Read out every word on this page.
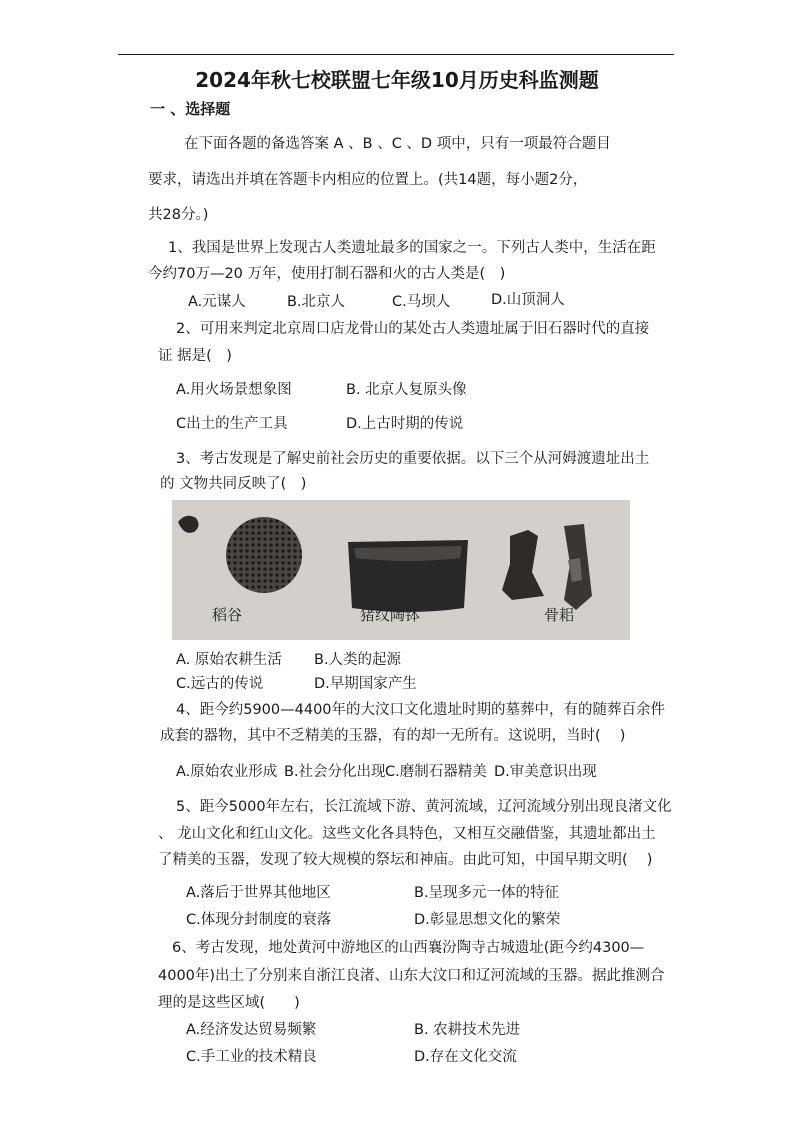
2024年秋七校联盟七年级10月历史科监测题
一 、选择题
在下面各题的备选答案 A 、B 、C 、D 项中，只有一项最符合题目
要求，请选出并填在答题卡内相应的位置上。(共14题，每小题2分，
共28分。)
1、我国是世界上发现古人类遗址最多的国家之一。下列古人类中，生活在距
今约70万—20 万年，使用打制石器和火的古人类是(　)
A.元谋人	B.北京人	C.马坝人	D.山顶洞人
2、可用来判定北京周口店龙骨山的某处古人类遗址属于旧石器时代的直接
证 据是(　)
A.用火场景想象图	B. 北京人复原头像
C出土的生产工具	D.上古时期的传说
3、考古发现是了解史前社会历史的重要依据。以下三个从河姆渡遗址出土
的 文物共同反映了(　)
稻谷	猪纹陶钵	骨耜
A. 原始农耕生活 B.人类的起源
C.远古的传说	D.早期国家产生
4、距今约5900—4400年的大汶口文化遗址时期的墓葬中，有的随葬百余件
成套的器物，其中不乏精美的玉器，有的却一无所有。这说明，当时(　 )
A.原始农业形成 B.社会分化出现 C.磨制石器精美 D.审美意识出现
5、距今5000年左右，长江流域下游、黄河流域，辽河流域分别出现良渚文化
、 龙山文化和红山文化。这些文化各具特色，又相互交融借鉴，其遗址都出土
了精美的玉器，发现了较大规模的祭坛和神庙。由此可知，中国早期文明(　 )
A.落后于世界其他地区	B.呈现多元一体的特征
C.体现分封制度的衰落	D.彰显思想文化的繁荣
6、考古发现，地处黄河中游地区的山西襄汾陶寺古城遗址(距今约4300—
4000年)出土了分别来自浙江良渚、山东大汶口和辽河流域的玉器。据此推测合
理的是这些区域(　　)
A.经济发达贸易频繁	B. 农耕技术先进
C.手工业的技术精良	D.存在文化交流
